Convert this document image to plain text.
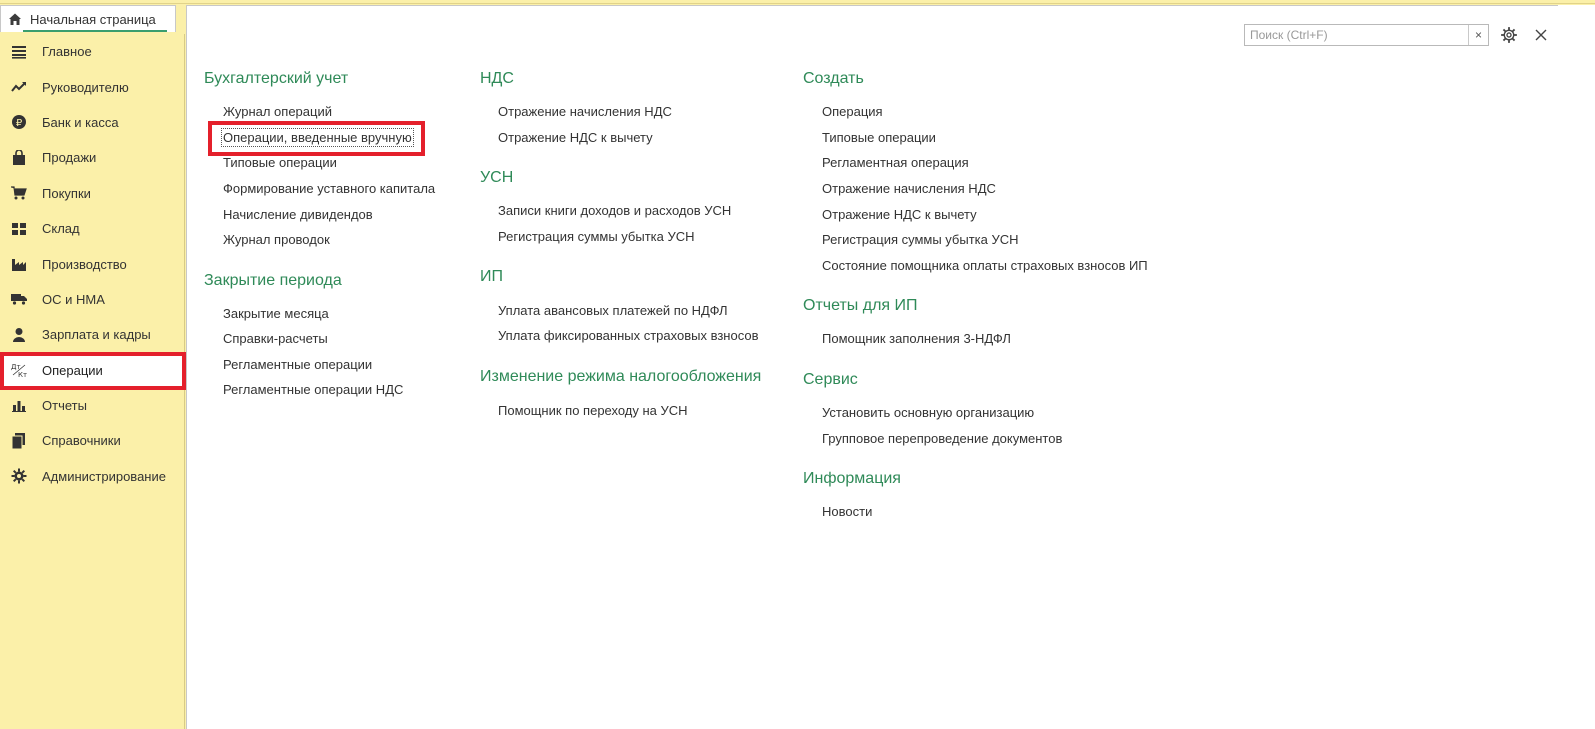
Начальная страница
Главное
Руководителю
₽ Банк и касса
Продажи
Покупки
Склад
Производство
ОС и НМА
Зарплата и кадры
Дт
Кт Операции
Отчеты
Справочники
Администрирование
Поиск (Ctrl+F)
×
Бухгалтерский учет
Журнал операций
Операции, введенные вручную
Типовые операции
Формирование уставного капитала
Начисление дивидендов
Журнал проводок
Закрытие периода
Закрытие месяца
Справки-расчеты
Регламентные операции
Регламентные операции НДС
НДС
Отражение начисления НДС
Отражение НДС к вычету
УСН
Записи книги доходов и расходов УСН
Регистрация суммы убытка УСН
ИП
Уплата авансовых платежей по НДФЛ
Уплата фиксированных страховых взносов
Изменение режима налогообложения
Помощник по переходу на УСН
Создать
Операция
Типовые операции
Регламентная операция
Отражение начисления НДС
Отражение НДС к вычету
Регистрация суммы убытка УСН
Состояние помощника оплаты страховых взносов ИП
Отчеты для ИП
Помощник заполнения 3-НДФЛ
Сервис
Установить основную организацию
Групповое перепроведение документов
Информация
Новости
